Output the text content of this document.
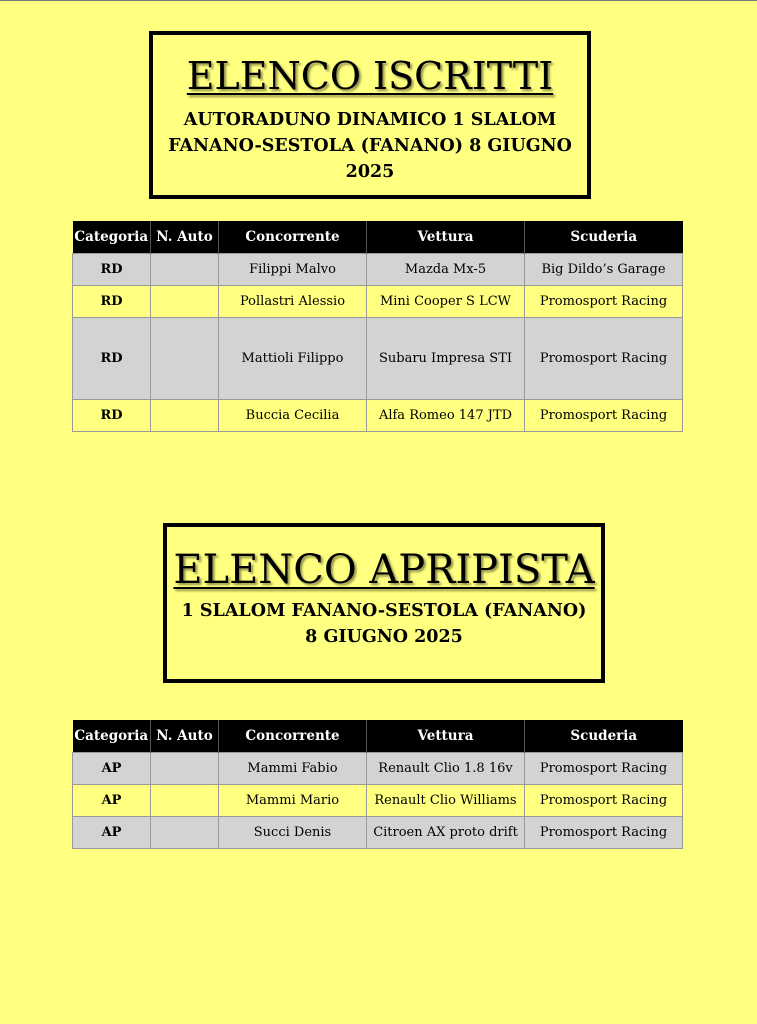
ELENCO ISCRITTI
AUTORADUNO DINAMICO 1 SLALOM
FANANO-SESTOLA (FANANO) 8 GIUGNO
2025
Categoria	N. Auto	Concorrente	Vettura	Scuderia
RD		Filippi Malvo	Mazda Mx-5	Big Dildo’s Garage
RD		Pollastri Alessio	Mini Cooper S LCW	Promosport Racing
RD		Mattioli Filippo	Subaru Impresa STI	Promosport Racing
RD		Buccia Cecilia	Alfa Romeo 147 JTD	Promosport Racing
ELENCO APRIPISTA
1 SLALOM FANANO-SESTOLA (FANANO)
8 GIUGNO 2025
Categoria	N. Auto	Concorrente	Vettura	Scuderia
AP		Mammi Fabio	Renault Clio 1.8 16v	Promosport Racing
AP		Mammi Mario	Renault Clio Williams	Promosport Racing
AP		Succi Denis	Citroen AX proto drift	Promosport Racing
